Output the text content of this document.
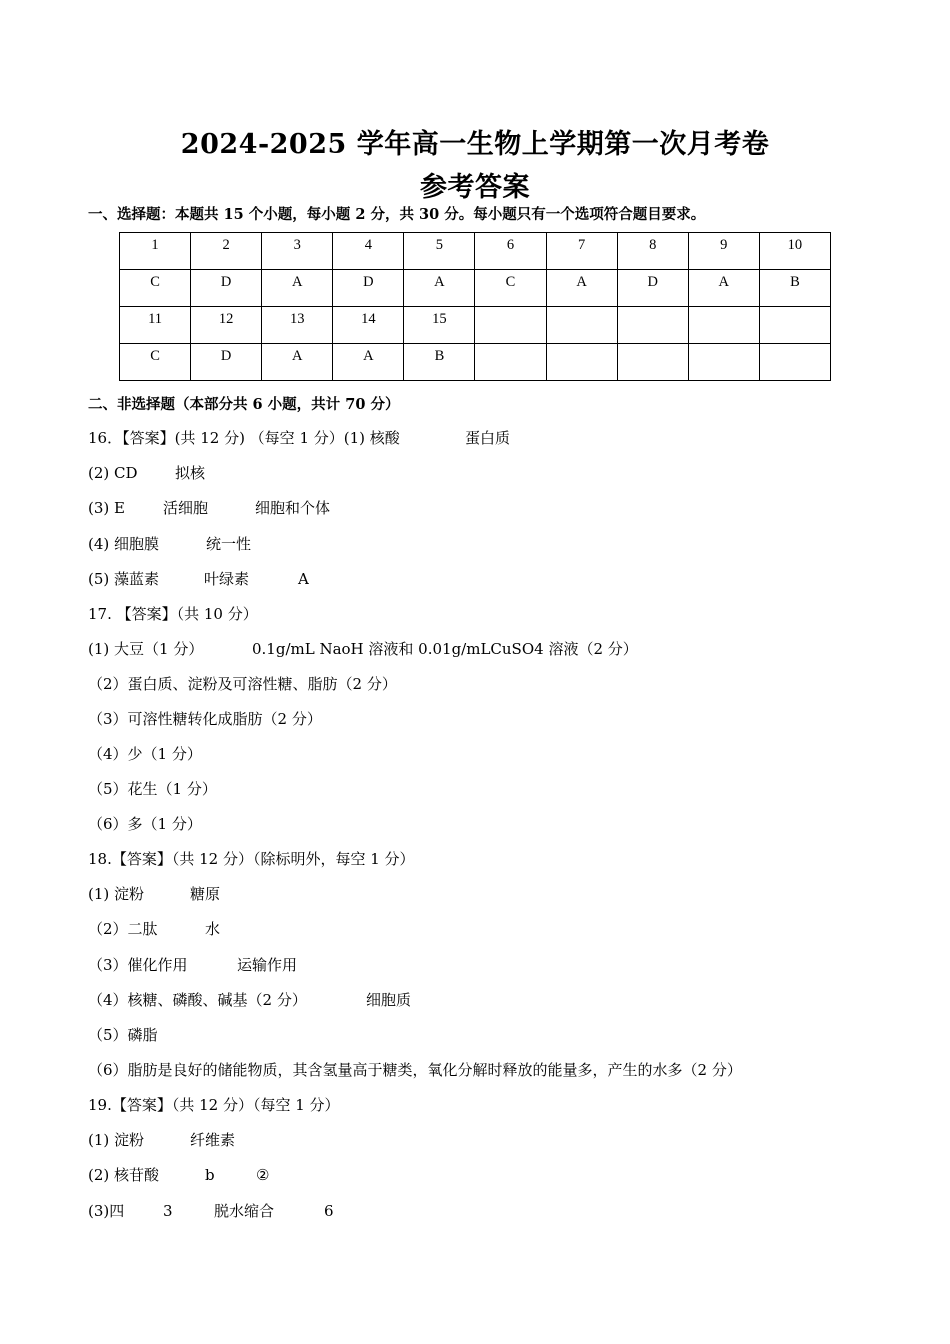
2024-2025 学年高一生物上学期第一次月考卷
参考答案
一、选择题：本题共 15 个小题，每小题 2 分，共 30 分。每小题只有一个选项符合题目要求。
1	2	3	4	5	6	7	8	9	10
C	D	A	D	A	C	A	D	A	B
11	12	13	14	15					
C	D	A	A	B					
二、非选择题（本部分共 6 小题，共计 70 分）
16．【答案】(共 12 分) （每空 1 分）(1) 核酸	蛋白质
(2) CD 拟核
(3) E	活细胞	细胞和个体
(4) 细胞膜	统一性
(5) 藻蓝素	叶绿素	A
17. 【答案】（共 10 分）
(1) 大豆（1 分）	0.1g/mL NaoH 溶液和 0.01g/mLCuSO4 溶液（2 分）
（2）蛋白质、淀粉及可溶性糖、脂肪（2 分）
（3）可溶性糖转化成脂肪（2 分）
（4）少（1 分）
（5）花生（1 分）
（6）多（1 分）
18.【答案】（共 12 分）（除标明外，每空 1 分）
(1) 淀粉	糖原
（2）二肽	水
（3）催化作用	运输作用
（4）核糖、磷酸、碱基（2 分）	细胞质
（5）磷脂
（6）脂肪是良好的储能物质，其含氢量高于糖类，氧化分解时释放的能量多，产生的水多（2 分）
19.【答案】（共 12 分）（每空 1 分）
(1) 淀粉	纤维素
(2) 核苷酸	b	②
(3)四	3	脱水缩合	6
